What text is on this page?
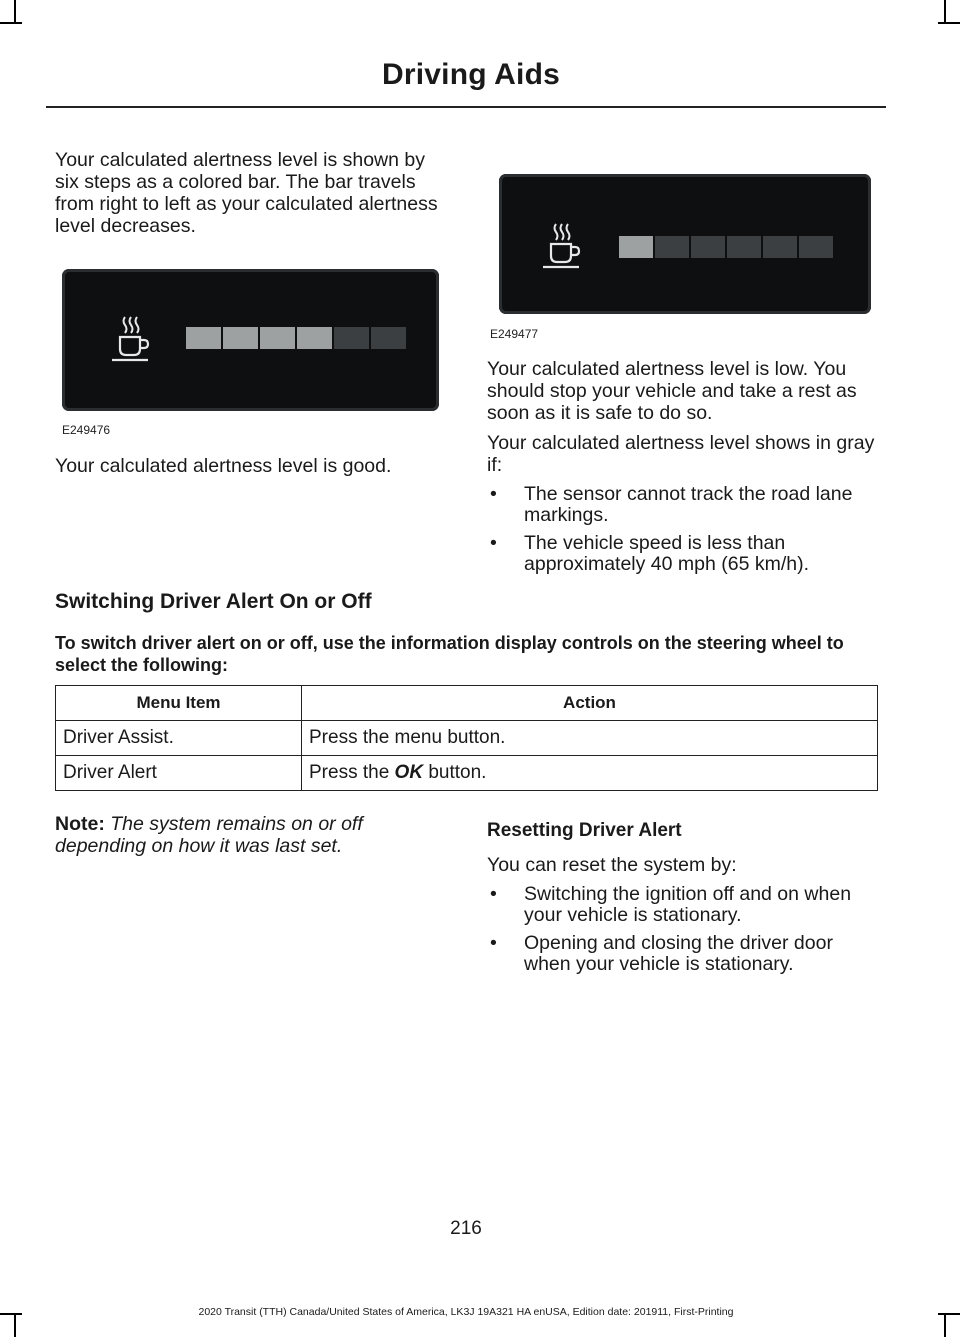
Driving Aids

Your calculated alertness level is shown by six steps as a colored bar. The bar travels from right to left as your calculated alertness level decreases.

E249476

Your calculated alertness level is good.

E249477

Your calculated alertness level is low. You should stop your vehicle and take a rest as soon as it is safe to do so.

Your calculated alertness level shows in gray if:

• The sensor cannot track the road lane
markings.
• The vehicle speed is less than
approximately 40 mph (65 km/h).
Switching Driver Alert On or Off
To switch driver alert on or off, use the information display controls on the steering wheel to select the following:
Menu Item	Action
Driver Assist.	Press the menu button.
Driver Alert	Press the OK button.

Note: The system remains on or off depending on how it was last set.

Resetting Driver Alert

You can reset the system by:

• Switching the ignition off and on when
your vehicle is stationary.
• Opening and closing the driver door
when your vehicle is stationary.
216
2020 Transit (TTH) Canada/United States of America, LK3J 19A321 HA enUSA, Edition date: 201911, First-Printing
